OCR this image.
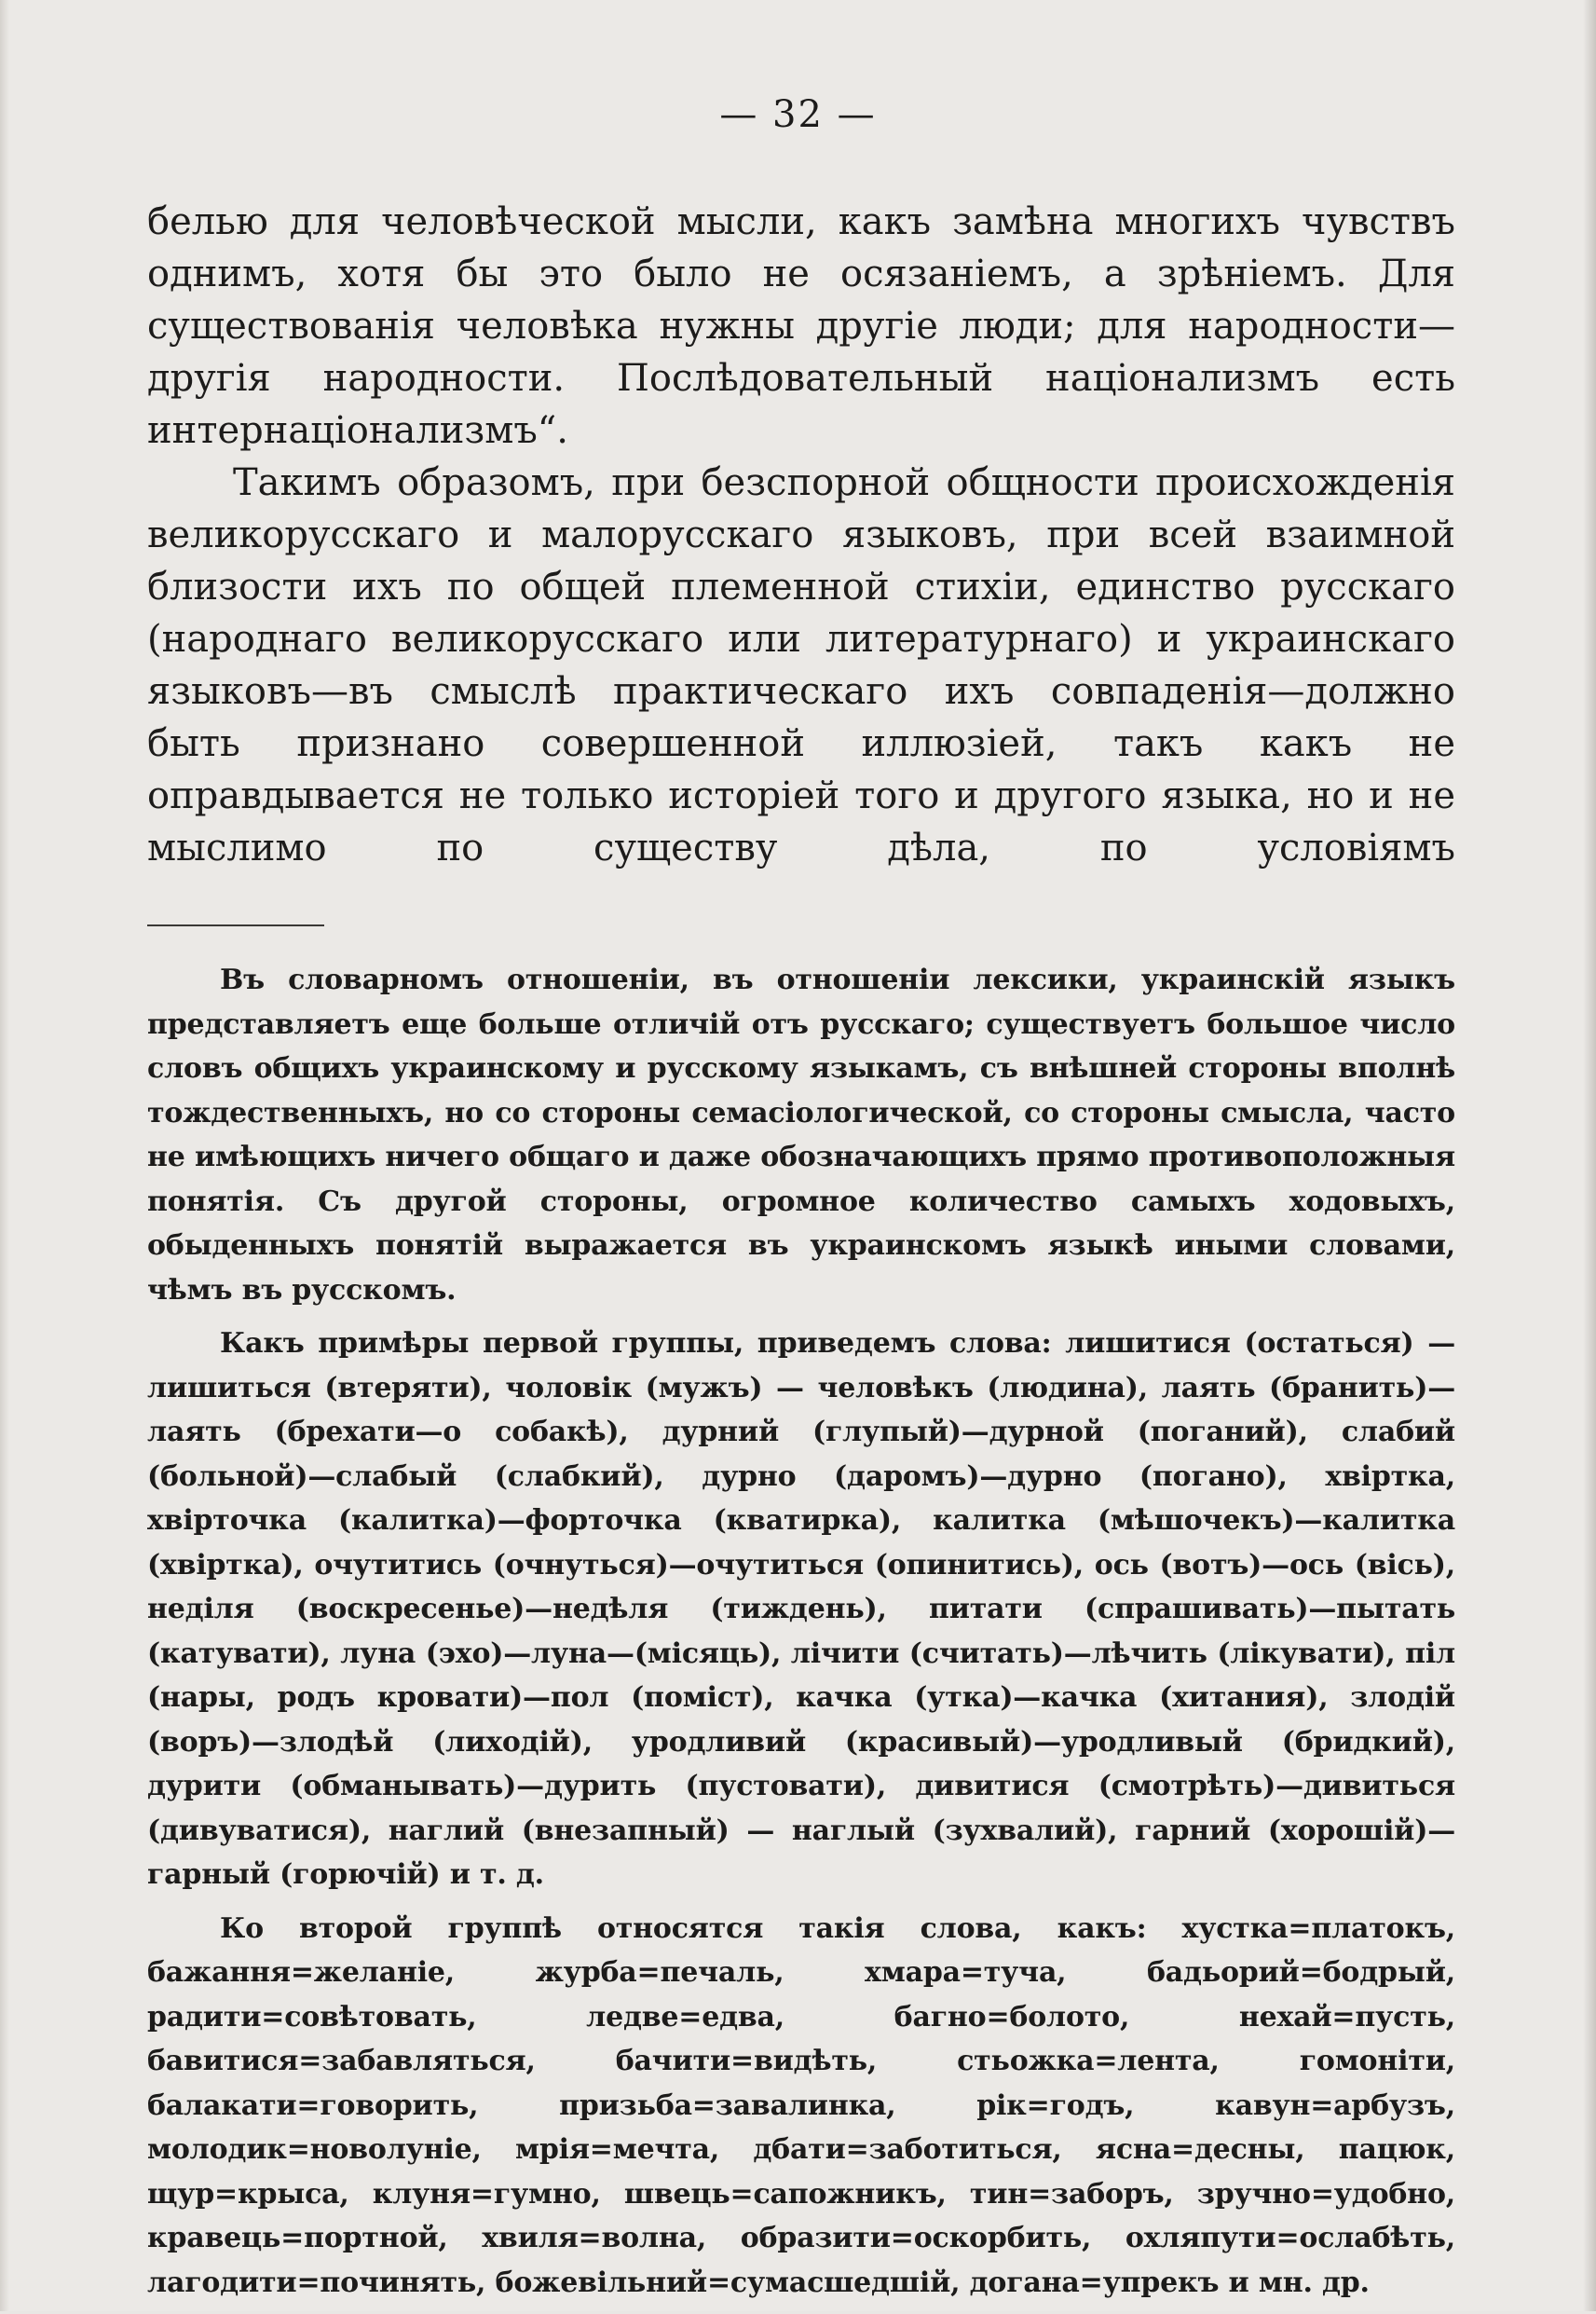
— 32 —

белью для человѣческой мысли, какъ замѣна многихъ чувствъ однимъ, хотя бы это было не осязаніемъ, а зрѣніемъ. Для существованія человѣка нужны другіе люди; для народности—другія народности. Послѣдовательный націонализмъ есть интернаціонализмъ“.

Такимъ образомъ, при безспорной общности происхожденія великорусскаго и малорусскаго языковъ, при всей взаимной близости ихъ по общей племенной стихіи, единство русскаго (народнаго великорусскаго или литературнаго) и украинскаго языковъ—въ смыслѣ практическаго ихъ совпаденія—должно быть признано совершенной иллюзіей, такъ какъ не оправдывается не только исторіей того и другого языка, но и не мыслимо по существу дѣла, по условіямъ

Въ словарномъ отношеніи, въ отношеніи лексики, украинскій языкъ представляетъ еще больше отличій отъ русскаго; существуетъ большое число словъ общихъ украинскому и русскому языкамъ, съ внѣшней стороны вполнѣ тождественныхъ, но со стороны семасіологической, со стороны смысла, часто не имѣющихъ ничего общаго и даже обозначающихъ прямо противоположныя понятія. Съ другой стороны, огромное количество самыхъ ходовыхъ, обыденныхъ понятій выражается въ украинскомъ языкѣ иными словами, чѣмъ въ русскомъ.

Какъ примѣры первой группы, приведемъ слова: лишитися (остаться) — лишиться (втеряти), чоловік (мужъ) — человѣкъ (людина), лаять (бранить)—лаять (брехати—о собакѣ), дурний (глупый)—дурной (поганий), слабий (больной)—слабый (слабкий), дурно (даромъ)—дурно (погано), хвіртка, хвірточка (калитка)—форточка (кватирка), калитка (мѣшочекъ)—калитка (хвіртка), очутитись (очнуться)—очутиться (опинитись), ось (вотъ)—ось (вісь), неділя (воскресенье)—недѣля (тиждень), питати (спрашивать)—пытать (катувати), луна (эхо)—луна—(місяць), лічити (считать)—лѣчить (лікувати), піл (нары, родъ кровати)—пол (поміст), качка (утка)—качка (хитания), злодій (воръ)—злодѣй (лиходій), уродливий (красивый)—уродливый (бридкий), дурити (обманывать)—дурить (пустовати), дивитися (смотрѣть)—дивиться (дивуватися), наглий (внезапный) — наглый (зухвалий), гарний (хорошій)—гарный (горючій) и т. д.

Ко второй группѣ относятся такія слова, какъ: хустка=платокъ, бажання=желаніе, журба=печаль, хмара=туча, бадьорий=бодрый, радити=совѣтовать, ледве=едва, багно=болото, нехай=пусть, бавитися=забавляться, бачити=видѣть, стьожка=лента, гомоніти, балакати=говорить, призьба=завалинка, рік=годъ, кавун=арбузъ, молодик=новолуніе, мрія=мечта, дбати=заботиться, ясна=десны, пацюк, щур=крыса, клуня=гумно, швець=сапожникъ, тин=заборъ, зручно=удобно, кравець=портной, хвиля=волна, образити=оскорбить, охляпути=ослабѣть, лагодити=починять, божевільний=сумасшедшій, догана=упрекъ и мн. др.
